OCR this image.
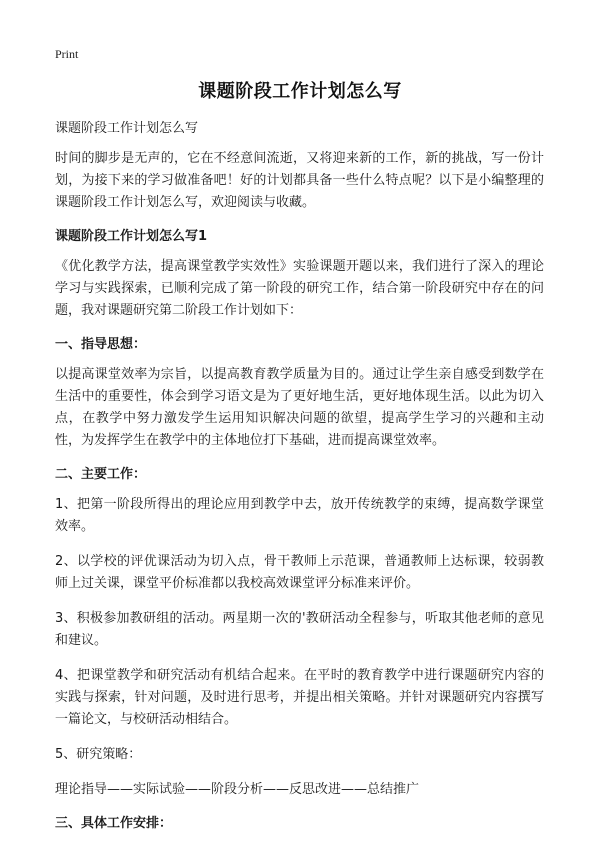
Print
课题阶段工作计划怎么写

课题阶段工作计划怎么写

时间的脚步是无声的，它在不经意间流逝，又将迎来新的工作，新的挑战，写一份计划，为接下来的学习做准备吧！好的计划都具备一些什么特点呢？以下是小编整理的课题阶段工作计划怎么写，欢迎阅读与收藏。

课题阶段工作计划怎么写1

《优化教学方法，提高课堂教学实效性》实验课题开题以来，我们进行了深入的理论学习与实践探索，已顺利完成了第一阶段的研究工作，结合第一阶段研究中存在的问题，我对课题研究第二阶段工作计划如下：

一、指导思想：

以提高课堂效率为宗旨，以提高教育教学质量为目的。通过让学生亲自感受到数学在生活中的重要性，体会到学习语文是为了更好地生活，更好地体现生活。以此为切入点，在教学中努力激发学生运用知识解决问题的欲望，提高学生学习的兴趣和主动性，为发挥学生在教学中的主体地位打下基础，进而提高课堂效率。

二、主要工作：

1、把第一阶段所得出的理论应用到教学中去，放开传统教学的束缚，提高数学课堂效率。

2、以学校的评优课活动为切入点，骨干教师上示范课，普通教师上达标课，较弱教师上过关课，课堂平价标准都以我校高效课堂评分标准来评价。

3、积极参加教研组的活动。两星期一次的'教研活动全程参与，听取其他老师的意见和建议。

4、把课堂教学和研究活动有机结合起来。在平时的教育教学中进行课题研究内容的实践与探索，针对问题，及时进行思考，并提出相关策略。并针对课题研究内容撰写一篇论文，与校研活动相结合。

5、研究策略：

理论指导——实际试验——阶段分析——反思改进——总结推广

三、具体工作安排：
